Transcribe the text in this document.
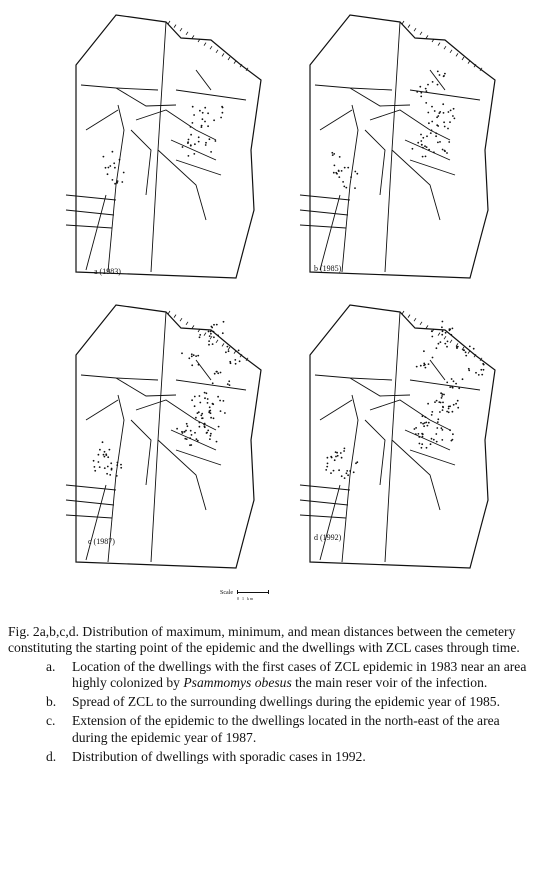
a (1983)	b (1985)
c (1987)	d (1992)
Scale
0 1 km

Fig. 2a,b,c,d. Distribution of maximum, minimum, and mean distances between the cemetery constituting the starting point of the epidemic and the dwellings with ZCL cases through time.

a. Location of the dwellings with the first cases of ZCL epidemic in 1983 near an area highly colonized by Psammomys obesus the main reser voir of the infection.
b. Spread of ZCL to the surrounding dwellings during the epidemic year of 1985.
c. Extension of the epidemic to the dwellings located in the north-east of the area during the epidemic year of 1987.
d. Distribution of dwellings with sporadic cases in 1992.
